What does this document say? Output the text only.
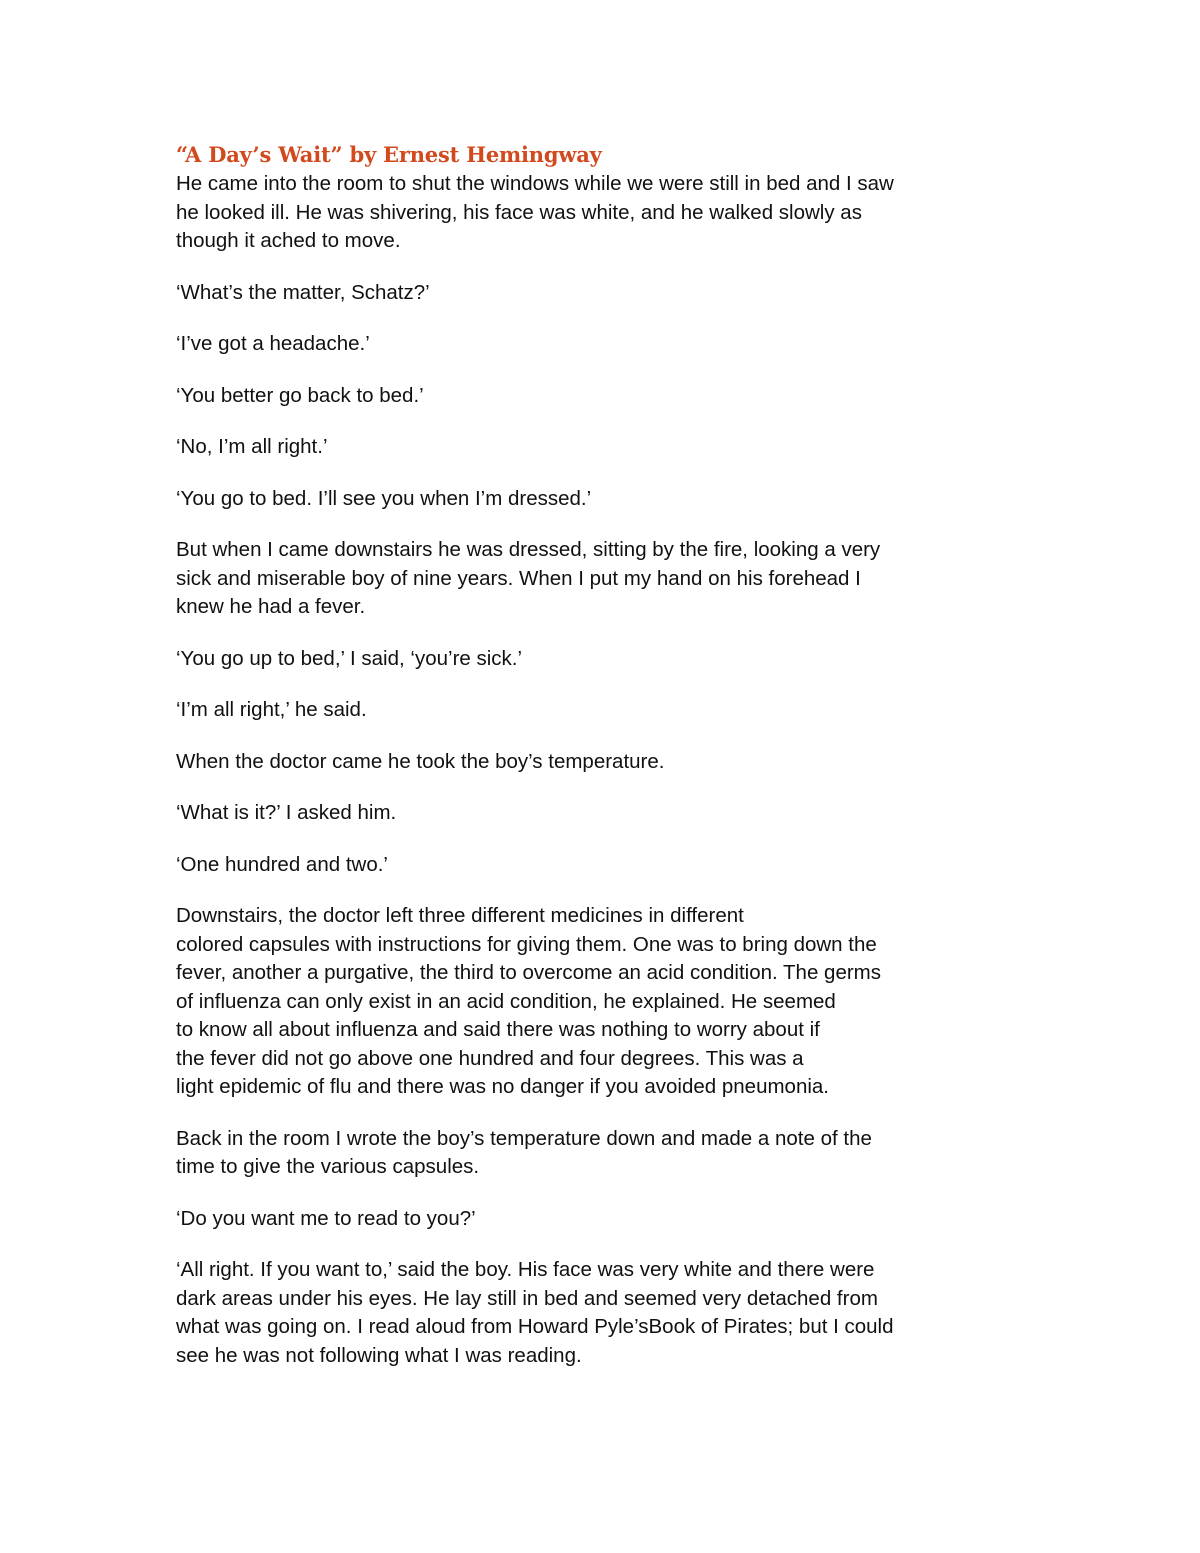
“A Day’s Wait” by Ernest Hemingway

He came into the room to shut the windows while we were still in bed and I saw
he looked ill. He was shivering, his face was white, and he walked slowly as
though it ached to move.

‘What’s the matter, Schatz?’

‘I’ve got a headache.’

‘You better go back to bed.’

‘No, I’m all right.’

‘You go to bed. I’ll see you when I’m dressed.’

But when I came downstairs he was dressed, sitting by the fire, looking a very
sick and miserable boy of nine years. When I put my hand on his forehead I
knew he had a fever.

‘You go up to bed,’ I said, ‘you’re sick.’

‘I’m all right,’ he said.

When the doctor came he took the boy’s temperature.

‘What is it?’ I asked him.

‘One hundred and two.’

Downstairs, the doctor left three different medicines in different
colored capsules with instructions for giving them. One was to bring down the
fever, another a purgative, the third to overcome an acid condition. The germs
of influenza can only exist in an acid condition, he explained. He seemed
to know all about influenza and said there was nothing to worry about if
the fever did not go above one hundred and four degrees. This was a
light epidemic of flu and there was no danger if you avoided pneumonia.

Back in the room I wrote the boy’s temperature down and made a note of the
time to give the various capsules.

‘Do you want me to read to you?’

‘All right. If you want to,’ said the boy. His face was very white and there were
dark areas under his eyes. He lay still in bed and seemed very detached from
what was going on. I read aloud from Howard Pyle’sBook of Pirates; but I could
see he was not following what I was reading.
